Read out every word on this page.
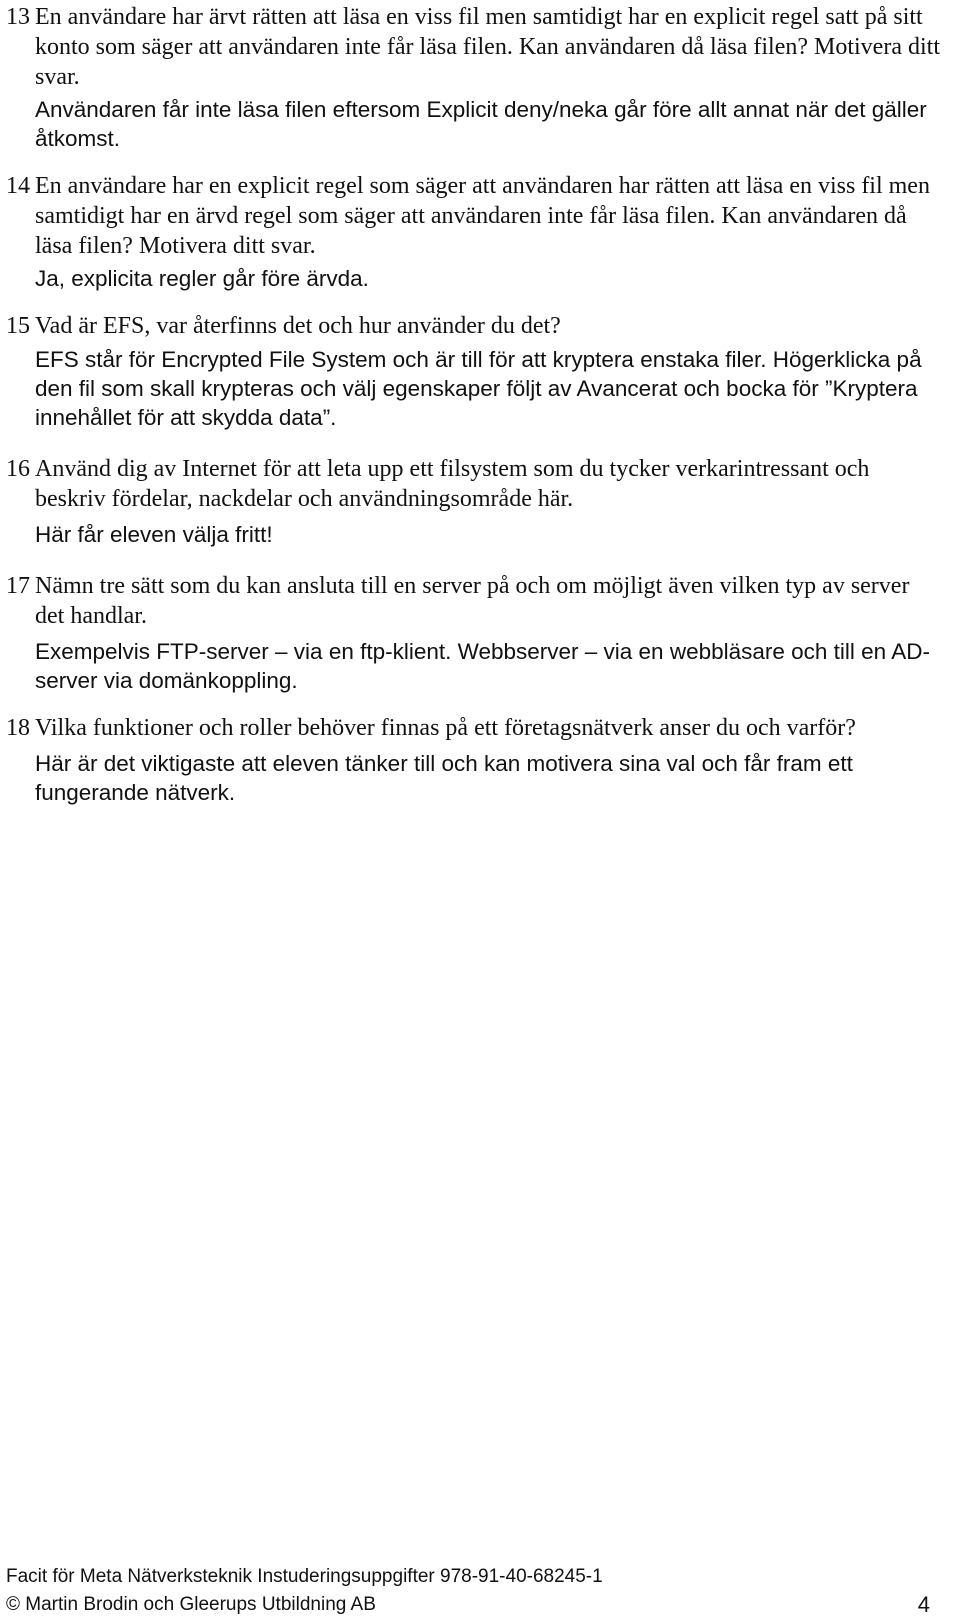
13 En användare har ärvt rätten att läsa en viss fil men samtidigt har en explicit regel satt på sitt konto som säger att användaren inte får läsa filen. Kan användaren då läsa filen? Motivera ditt svar.

Användaren får inte läsa filen eftersom Explicit deny/neka går före allt annat när det gäller åtkomst.

14 En användare har en explicit regel som säger att användaren har rätten att läsa en viss fil men samtidigt har en ärvd regel som säger att användaren inte får läsa filen. Kan användaren då läsa filen? Motivera ditt svar.

Ja, explicita regler går före ärvda.

15 Vad är EFS, var återfinns det och hur använder du det?

EFS står för Encrypted File System och är till för att kryptera enstaka filer. Högerklicka på den fil som skall krypteras och välj egenskaper följt av Avancerat och bocka för ”Kryptera innehållet för att skydda data”.

16 Använd dig av Internet för att leta upp ett filsystem som du tycker verkarintressant och beskriv fördelar, nackdelar och användningsområde här.

Här får eleven välja fritt!

17 Nämn tre sätt som du kan ansluta till en server på och om möjligt även vilken typ av server det handlar.

Exempelvis FTP-server – via en ftp-klient. Webbserver – via en webbläsare och till en AD-server via domänkoppling.

18 Vilka funktioner och roller behöver finnas på ett företagsnätverk anser du och varför?

Här är det viktigaste att eleven tänker till och kan motivera sina val och får fram ett fungerande nätverk.

Facit för Meta Nätverksteknik Instuderingsuppgifter 978-91-40-68245-1
© Martin Brodin och Gleerups Utbildning AB	4
